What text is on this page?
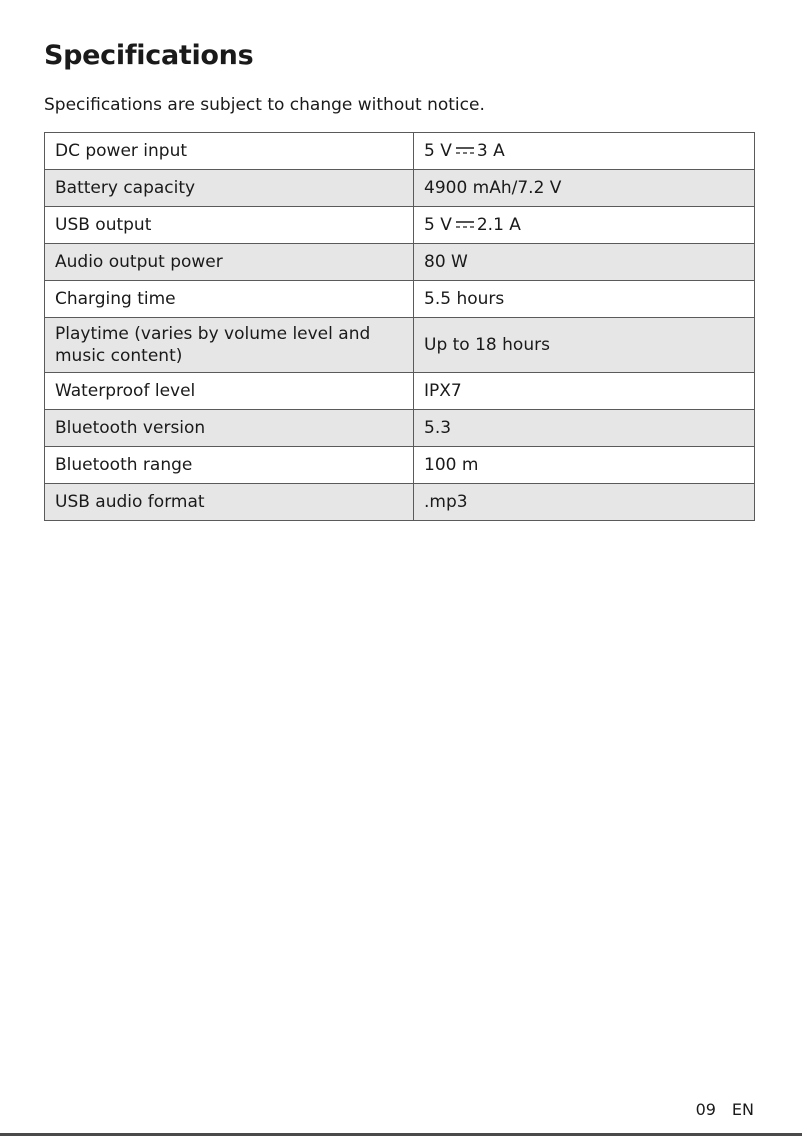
Specifications

Specifications are subject to change without notice.

DC power input	5 V 3 A
Battery capacity	4900 mAh/7.2 V
USB output	5 V 2.1 A
Audio output power	80 W
Charging time	5.5 hours
Playtime (varies by volume level and music content)	Up to 18 hours
Waterproof level	IPX7
Bluetooth version	5.3
Bluetooth range	100 m
USB audio format	.mp3
09 EN
